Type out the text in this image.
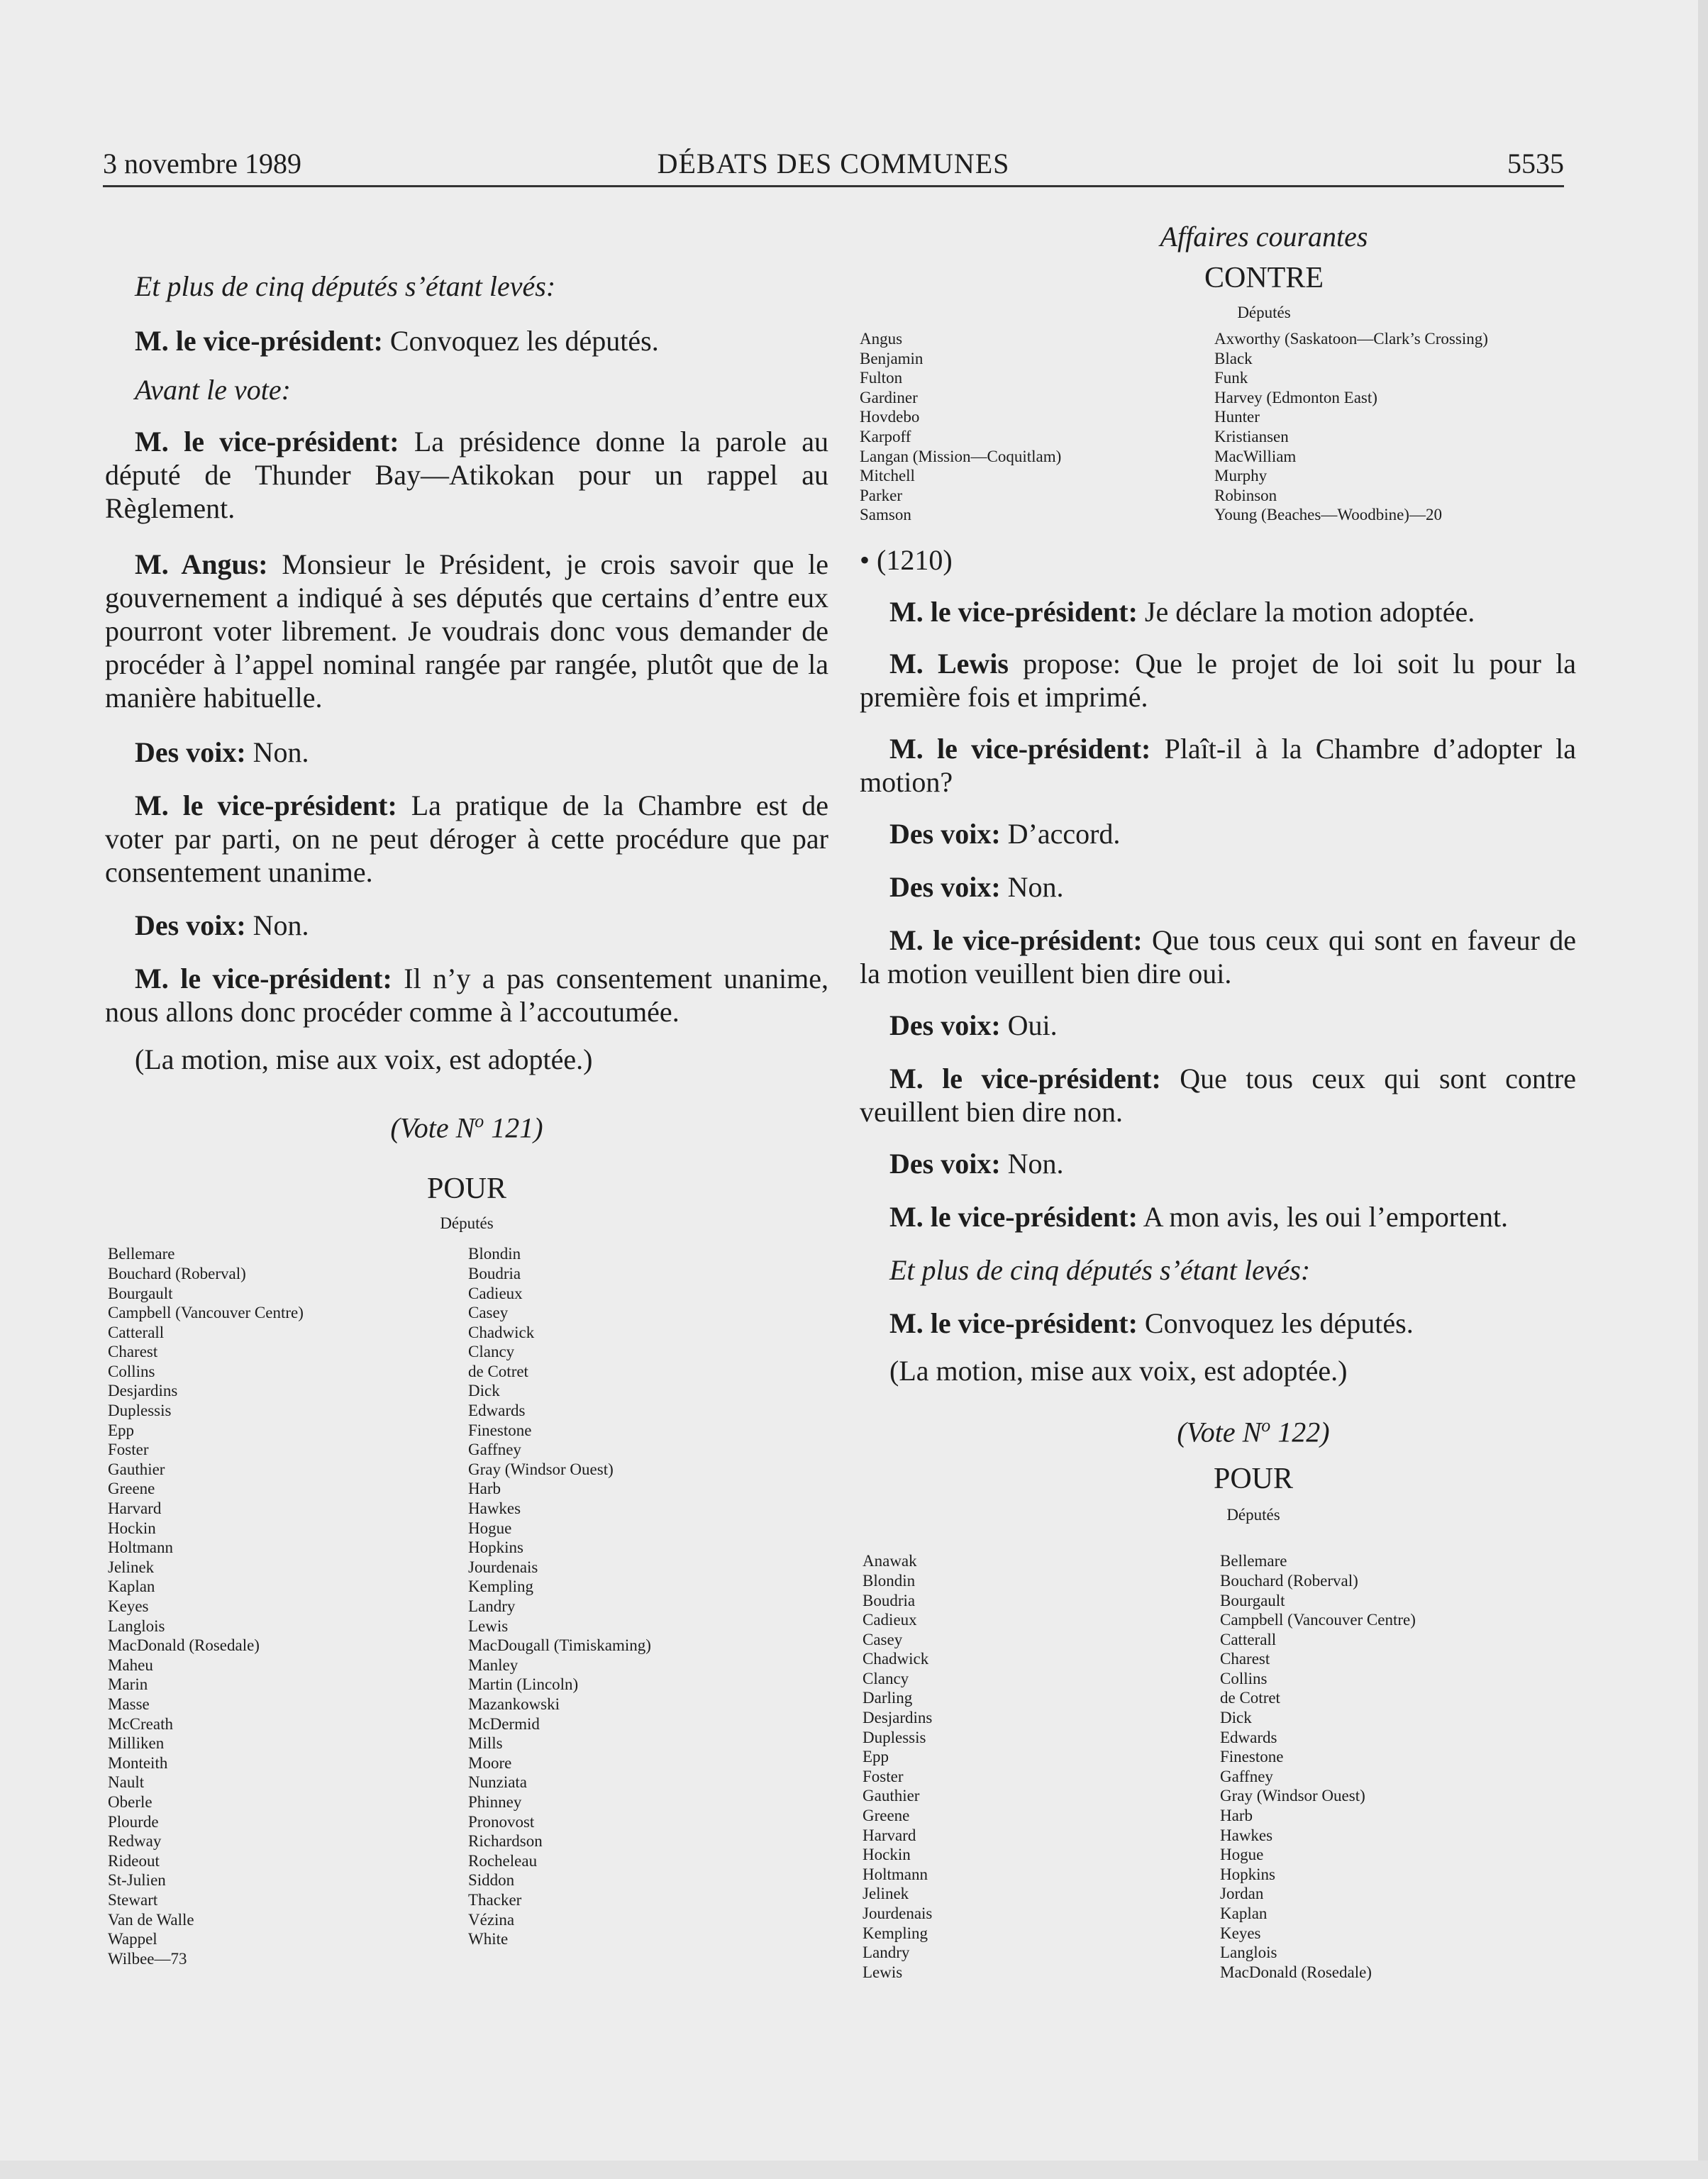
3 novembre 1989	DÉBATS DES COMMUNES	5535

Et plus de cinq députés s’étant levés:

M. le vice-président: Convoquez les députés.

Avant le vote:

M. le vice-président: La présidence donne la parole au député de Thunder Bay—Atikokan pour un rappel au Règlement.

M. Angus: Monsieur le Président, je crois savoir que le gouvernement a indiqué à ses députés que certains d’entre eux pourront voter librement. Je voudrais donc vous demander de procéder à l’appel nominal rangée par rangée, plutôt que de la manière habituelle.

Des voix: Non.

M. le vice-président: La pratique de la Chambre est de voter par parti, on ne peut déroger à cette procédure que par consentement unanime.

Des voix: Non.

M. le vice-président: Il n’y a pas consentement unanime, nous allons donc procéder comme à l’accoutumée.

(La motion, mise aux voix, est adoptée.)

(Vote $N^o$ 121)

POUR

Députés

Bellemare
Bouchard (Roberval)
Bourgault
Campbell (Vancouver Centre)
Catterall
Charest
Collins
Desjardins
Duplessis
Epp
Foster
Gauthier
Greene
Harvard
Hockin
Holtmann
Jelinek
Kaplan
Keyes
Langlois
MacDonald (Rosedale)
Maheu
Marin
Masse
McCreath
Milliken
Monteith
Nault
Oberle
Plourde
Redway
Rideout
St-Julien
Stewart
Van de Walle
Wappel
Wilbee—73
Blondin
Boudria
Cadieux
Casey
Chadwick
Clancy
de Cotret
Dick
Edwards
Finestone
Gaffney
Gray (Windsor Ouest)
Harb
Hawkes
Hogue
Hopkins
Jourdenais
Kempling
Landry
Lewis
MacDougall (Timiskaming)
Manley
Martin (Lincoln)
Mazankowski
McDermid
Mills
Moore
Nunziata
Phinney
Pronovost
Richardson
Rocheleau
Siddon
Thacker
Vézina
White

Affaires courantes

CONTRE

Députés

Angus
Benjamin
Fulton
Gardiner
Hovdebo
Karpoff
Langan (Mission—Coquitlam)
Mitchell
Parker
Samson
Axworthy (Saskatoon—Clark’s Crossing)
Black
Funk
Harvey (Edmonton East)
Hunter
Kristiansen
MacWilliam
Murphy
Robinson
Young (Beaches—Woodbine)—20

• (1210)

M. le vice-président: Je déclare la motion adoptée.

M. Lewis propose: Que le projet de loi soit lu pour la première fois et imprimé.

M. le vice-président: Plaît-il à la Chambre d’adopter la motion?

Des voix: D’accord.

Des voix: Non.

M. le vice-président: Que tous ceux qui sont en faveur de la motion veuillent bien dire oui.

Des voix: Oui.

M. le vice-président: Que tous ceux qui sont contre veuillent bien dire non.

Des voix: Non.

M. le vice-président: A mon avis, les oui l’emportent.

Et plus de cinq députés s’étant levés:

M. le vice-président: Convoquez les députés.

(La motion, mise aux voix, est adoptée.)

(Vote $N^o$ 122)

POUR

Députés

Anawak
Blondin
Boudria
Cadieux
Casey
Chadwick
Clancy
Darling
Desjardins
Duplessis
Epp
Foster
Gauthier
Greene
Harvard
Hockin
Holtmann
Jelinek
Jourdenais
Kempling
Landry
Lewis
Bellemare
Bouchard (Roberval)
Bourgault
Campbell (Vancouver Centre)
Catterall
Charest
Collins
de Cotret
Dick
Edwards
Finestone
Gaffney
Gray (Windsor Ouest)
Harb
Hawkes
Hogue
Hopkins
Jordan
Kaplan
Keyes
Langlois
MacDonald (Rosedale)
